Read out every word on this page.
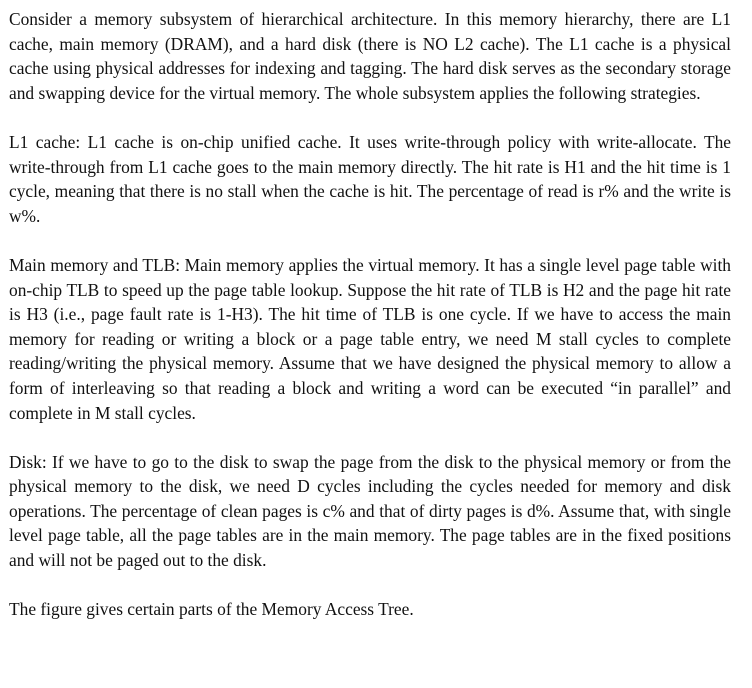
Consider a memory subsystem of hierarchical architecture. In this memory hierarchy, there are L1 cache, main memory (DRAM), and a hard disk (there is NO L2 cache). The L1 cache is a physical cache using physical addresses for indexing and tagging. The hard disk serves as the secondary storage and swapping device for the virtual memory. The whole subsystem applies the following strategies.

L1 cache: L1 cache is on-chip unified cache. It uses write-through policy with write-allocate. The write-through from L1 cache goes to the main memory directly. The hit rate is H1 and the hit time is 1 cycle, meaning that there is no stall when the cache is hit. The percentage of read is r% and the write is w%.

Main memory and TLB: Main memory applies the virtual memory. It has a single level page table with on-chip TLB to speed up the page table lookup. Suppose the hit rate of TLB is H2 and the page hit rate is H3 (i.e., page fault rate is 1-H3). The hit time of TLB is one cycle. If we have to access the main memory for reading or writing a block or a page table entry, we need M stall cycles to complete reading/writing the physical memory. Assume that we have designed the physical memory to allow a form of interleaving so that reading a block and writing a word can be executed “in parallel” and complete in M stall cycles.

Disk: If we have to go to the disk to swap the page from the disk to the physical memory or from the physical memory to the disk, we need D cycles including the cycles needed for memory and disk operations. The percentage of clean pages is c% and that of dirty pages is d%. Assume that, with single level page table, all the page tables are in the main memory. The page tables are in the fixed positions and will not be paged out to the disk.

The figure gives certain parts of the Memory Access Tree.
